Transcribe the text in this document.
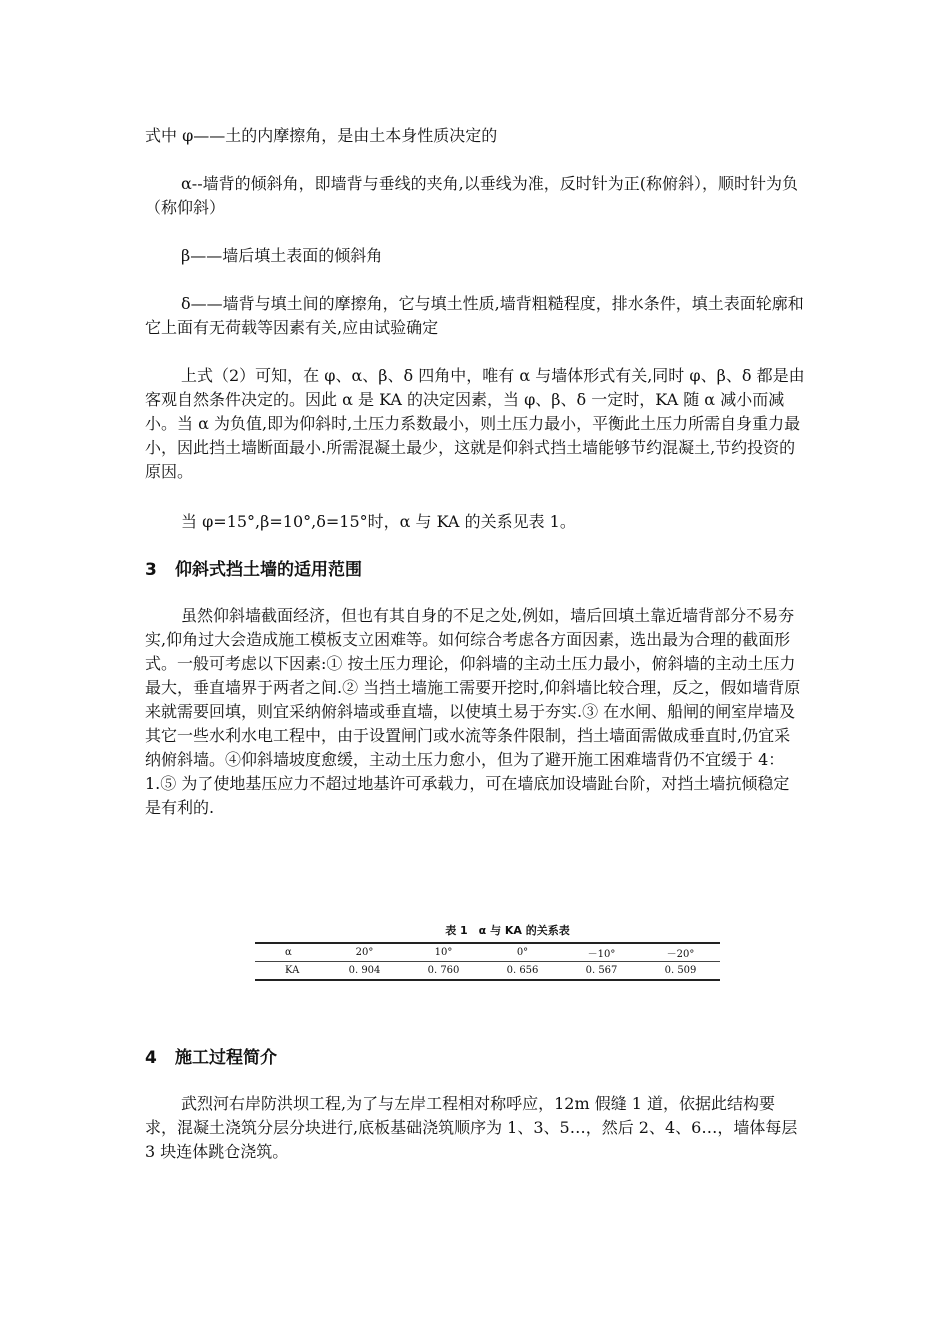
式中 φ——土的内摩擦角，是由土本身性质决定的

α--墙背的倾斜角，即墙背与垂线的夹角,以垂线为准，反时针为正(称俯斜），顺时针为负（称仰斜）

β——墙后填土表面的倾斜角

δ——墙背与填土间的摩擦角，它与填土性质,墙背粗糙程度，排水条件，填土表面轮廓和它上面有无荷载等因素有关,应由试验确定

上式（2）可知，在 φ、α、β、δ 四角中，唯有 α 与墙体形式有关,同时 φ、β、δ 都是由客观自然条件决定的。因此 α 是 KA 的决定因素，当 φ、β、δ 一定时，KA 随 α 减小而减小。当 α 为负值,即为仰斜时,土压力系数最小，则土压力最小，平衡此土压力所需自身重力最小，因此挡土墙断面最小.所需混凝土最少，这就是仰斜式挡土墙能够节约混凝土,节约投资的原因。

当 φ=15°,β=10°,δ=15°时，α 与 KA 的关系见表 1。

3 仰斜式挡土墙的适用范围

虽然仰斜墙截面经济，但也有其自身的不足之处,例如，墙后回填土靠近墙背部分不易夯实,仰角过大会造成施工模板支立困难等。如何综合考虑各方面因素，选出最为合理的截面形式。一般可考虑以下因素:① 按土压力理论，仰斜墙的主动土压力最小，俯斜墙的主动土压力最大，垂直墙界于两者之间.② 当挡土墙施工需要开挖时,仰斜墙比较合理，反之，假如墙背原来就需要回填，则宜采纳俯斜墙或垂直墙，以使填土易于夯实.③ 在水闸、船闸的闸室岸墙及其它一些水利水电工程中，由于设置闸门或水流等条件限制，挡土墙面需做成垂直时,仍宜采纳俯斜墙。④仰斜墙坡度愈缓，主动土压力愈小，但为了避开施工困难墙背仍不宜缓于 4：1.⑤ 为了使地基压应力不超过地基许可承载力，可在墙底加设墙趾台阶，对挡土墙抗倾稳定是有利的.

表 1　α 与 KA 的关系表
α	20°	10°	0°	－10°	－20°
KA	0. 904	0. 760	0. 656	0. 567	0. 509
4 施工过程简介

武烈河右岸防洪坝工程,为了与左岸工程相对称呼应，12m 假缝 1 道，依据此结构要求，混凝土浇筑分层分块进行,底板基础浇筑顺序为 1、3、5…，然后 2、4、6…，墙体每层 3 块连体跳仓浇筑。
